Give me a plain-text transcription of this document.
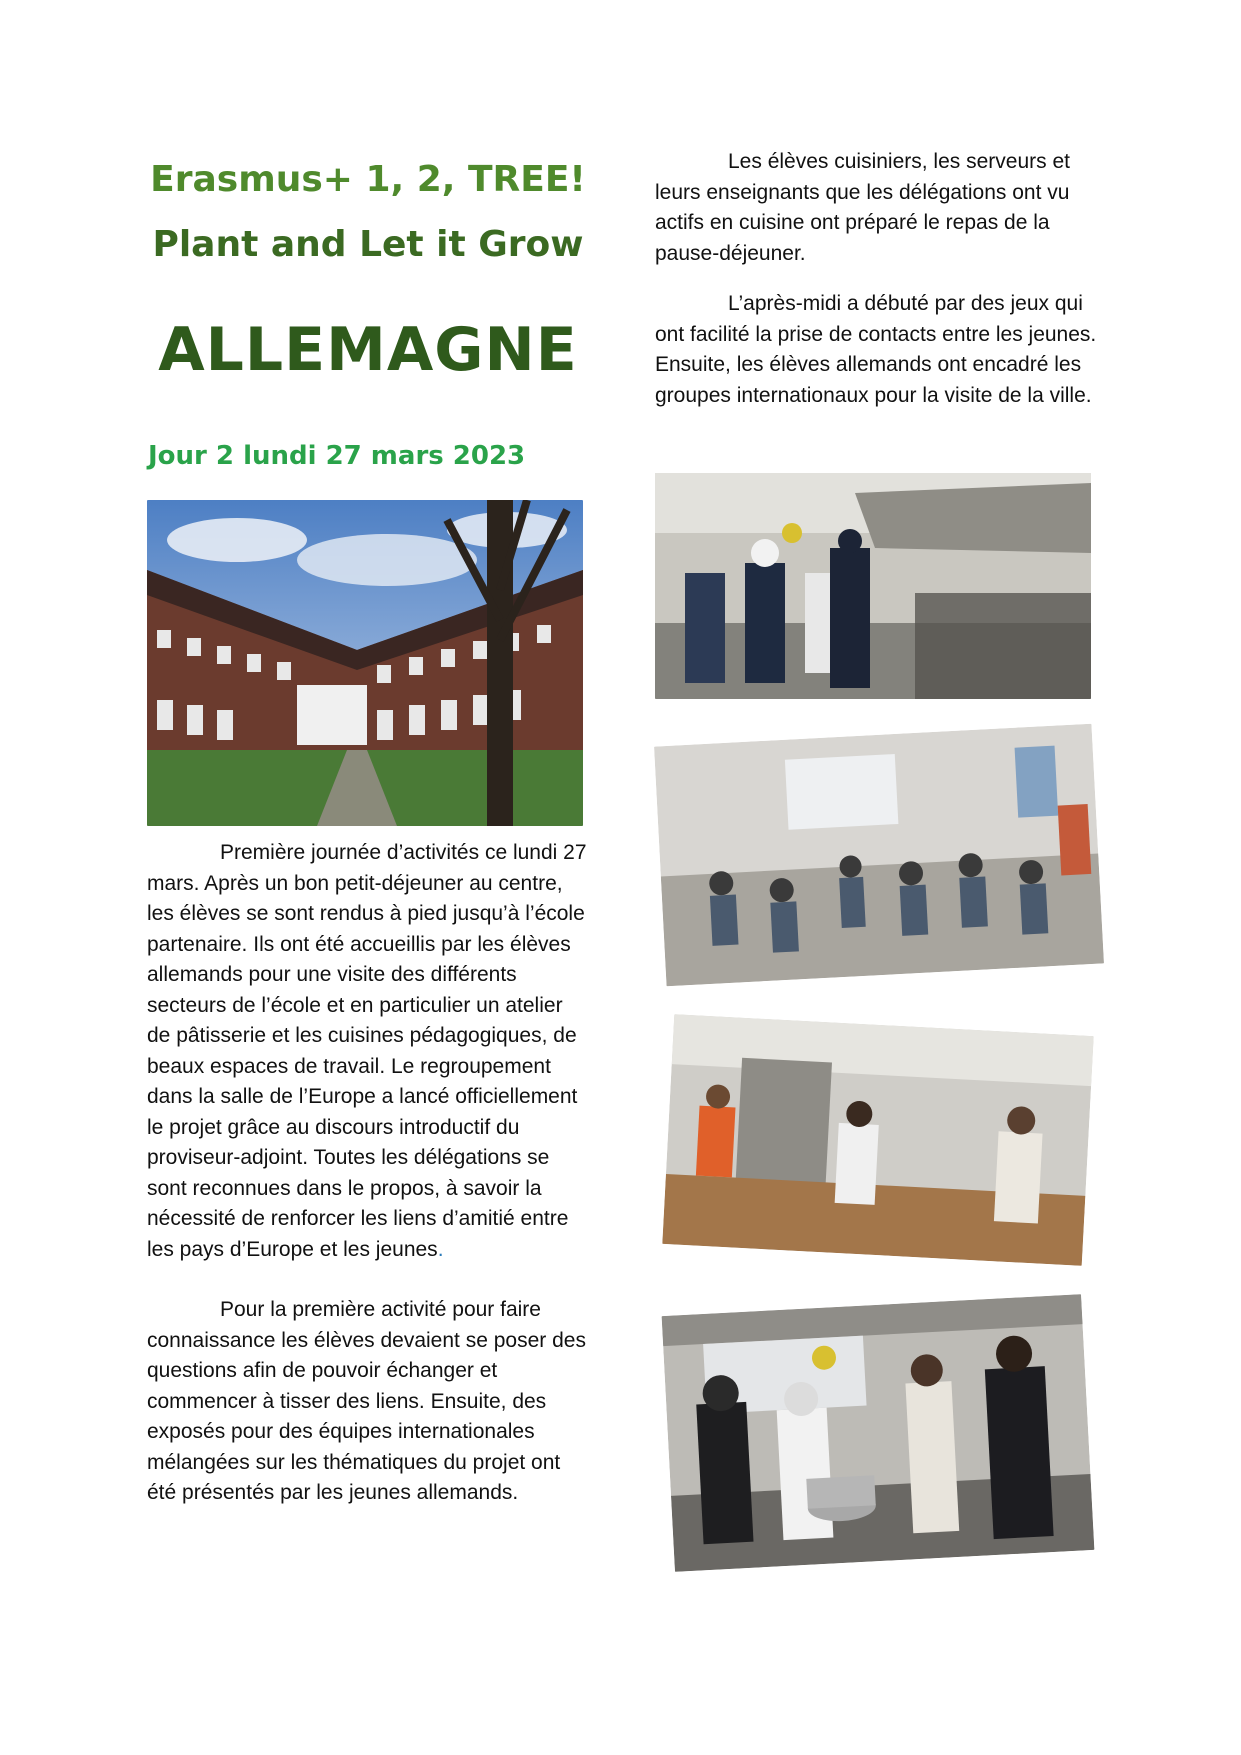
Erasmus+ 1, 2, TREE!
Plant and Let it Grow
ALLEMAGNE
Jour 2 lundi 27 mars 2023

Première journée d’activités ce lundi 27 mars. Après un bon petit-déjeuner au centre, les élèves se sont rendus à pied jusqu’à l’école partenaire. Ils ont été accueillis par les élèves allemands pour une visite des différents secteurs de l’école et en particulier un atelier de pâtisserie et les cuisines pédagogiques, de beaux espaces de travail. Le regroupement dans la salle de l’Europe a lancé officiellement le projet grâce au discours introductif du proviseur-adjoint. Toutes les délégations se sont reconnues dans le propos, à savoir la nécessité de renforcer les liens d’amitié entre les pays d’Europe et les jeunes.

Pour la première activité pour faire connaissance les élèves devaient se poser des questions afin de pouvoir échanger et commencer à tisser des liens. Ensuite, des exposés pour des équipes internationales mélangées sur les thématiques du projet ont été présentés par les jeunes allemands.

Les élèves cuisiniers, les serveurs et leurs enseignants que les délégations ont vu actifs en cuisine ont préparé le repas de la pause-déjeuner.

L’après-midi a débuté par des jeux qui ont facilité la prise de contacts entre les jeunes. Ensuite, les élèves allemands ont encadré les groupes internationaux pour la visite de la ville.
